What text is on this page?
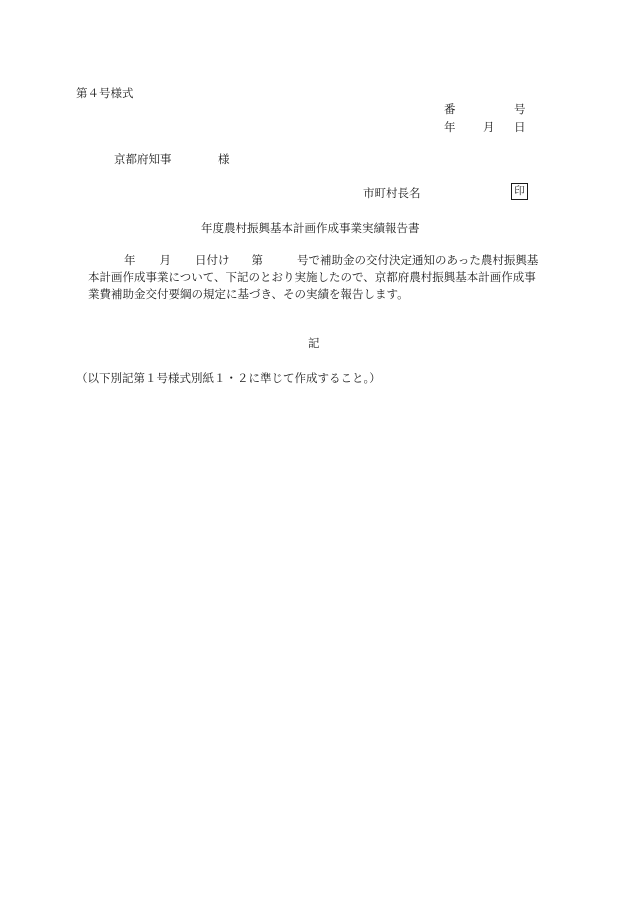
第４号様式
番	号
年 月 日
京都府知事	様
市町村長名	印
年度農村振興基本計画作成事業実績報告書
年 月 日付け 第	号で補助金の交付決定通知のあった農村振興基
本計画作成事業について、下記のとおり実施したので、京都府農村振興基本計画作成事
業費補助金交付要綱の規定に基づき、その実績を報告します。
記
（以下別記第１号様式別紙１・２に準じて作成すること。）
